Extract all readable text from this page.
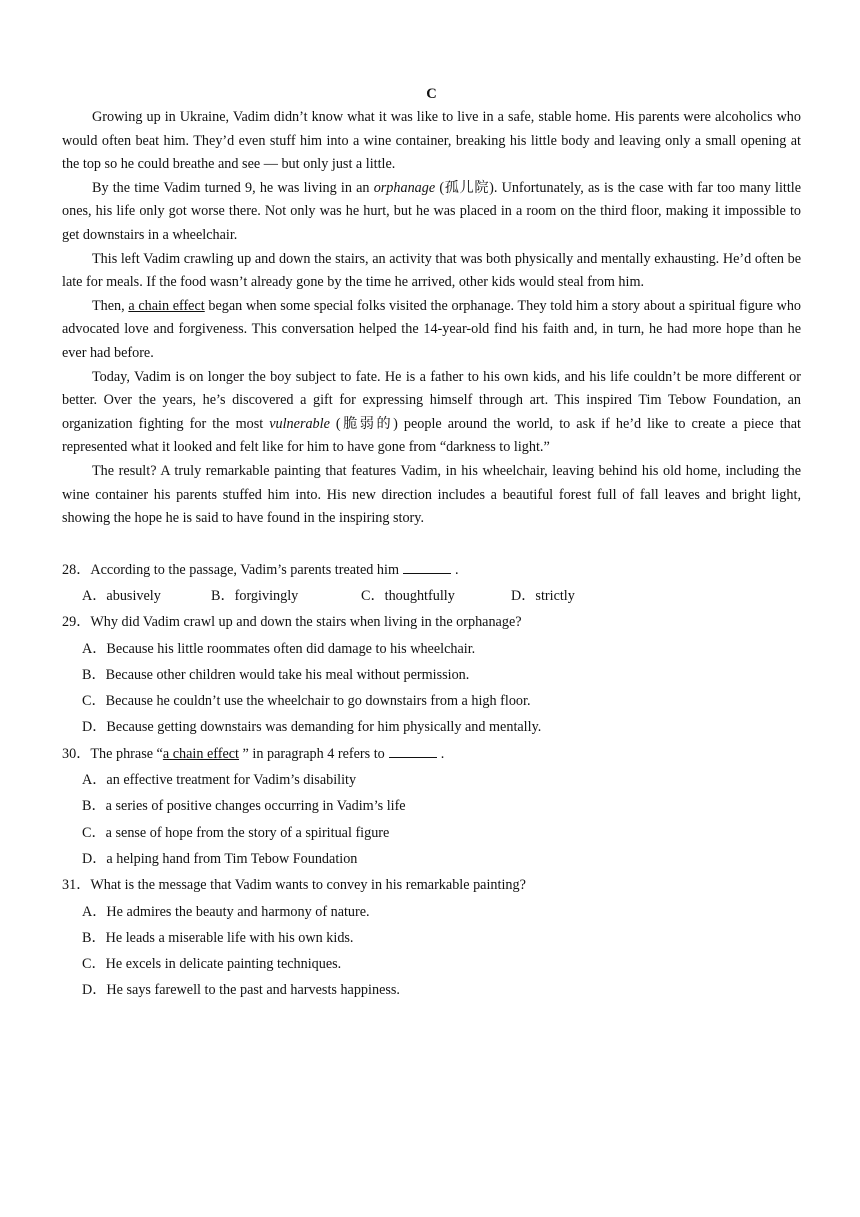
C

Growing up in Ukraine, Vadim didn’t know what it was like to live in a safe, stable home. His parents were alcoholics who would often beat him. They’d even stuff him into a wine container, breaking his little body and leaving only a small opening at the top so he could breathe and see — but only just a little.

By the time Vadim turned 9, he was living in an orphanage (孤儿院). Unfortunately, as is the case with far too many little ones, his life only got worse there. Not only was he hurt, but he was placed in a room on the third floor, making it impossible to get downstairs in a wheelchair.

This left Vadim crawling up and down the stairs, an activity that was both physically and mentally exhausting. He’d often be late for meals. If the food wasn’t already gone by the time he arrived, other kids would steal from him.

Then, a chain effect began when some special folks visited the orphanage. They told him a story about a spiritual figure who advocated love and forgiveness. This conversation helped the 14-year-old find his faith and, in turn, he had more hope than he ever had before.

Today, Vadim is on longer the boy subject to fate. He is a father to his own kids, and his life couldn’t be more different or better. Over the years, he’s discovered a gift for expressing himself through art. This inspired Tim Tebow Foundation, an organization fighting for the most vulnerable (脆弱的) people around the world, to ask if he’d like to create a piece that represented what it looked and felt like for him to have gone from “darkness to light.”

The result? A truly remarkable painting that features Vadim, in his wheelchair, leaving behind his old home, including the wine container his parents stuffed him into. His new direction includes a beautiful forest full of fall leaves and bright light, showing the hope he is said to have found in the inspiring story.

28．According to the passage, Vadim’s parents treated him	.

A．abusively	B．forgivingly	C．thoughtfully	D．strictly

29．Why did Vadim crawl up and down the stairs when living in the orphanage?

A．Because his little roommates often did damage to his wheelchair.

B．Because other children would take his meal without permission.

C．Because he couldn’t use the wheelchair to go downstairs from a high floor.

D．Because getting downstairs was demanding for him physically and mentally.

30．The phrase “a chain effect ” in paragraph 4 refers to	.

A．an effective treatment for Vadim’s disability

B．a series of positive changes occurring in Vadim’s life

C．a sense of hope from the story of a spiritual figure

D．a helping hand from Tim Tebow Foundation

31．What is the message that Vadim wants to convey in his remarkable painting?

A．He admires the beauty and harmony of nature.

B．He leads a miserable life with his own kids.

C．He excels in delicate painting techniques.

D．He says farewell to the past and harvests happiness.
